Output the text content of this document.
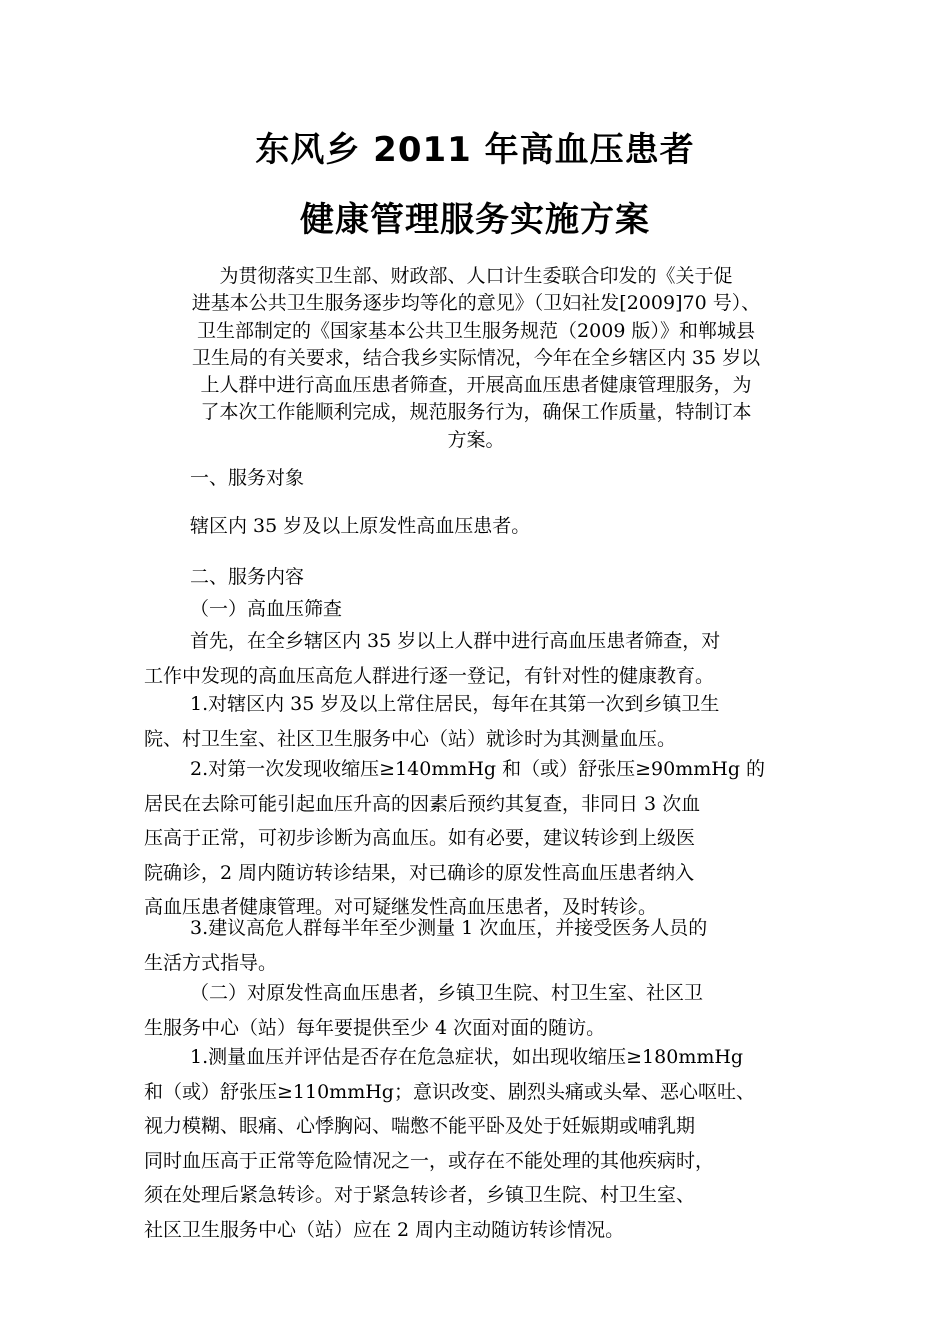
东风乡 2011 年高血压患者
健康管理服务实施方案
为贯彻落实卫生部、财政部、人口计生委联合印发的《关于促
进基本公共卫生服务逐步均等化的意见》（卫妇社发[2009]70 号）、
卫生部制定的《国家基本公共卫生服务规范（2009 版）》和郸城县
卫生局的有关要求，结合我乡实际情况，今年在全乡辖区内 35 岁以
上人群中进行高血压患者筛查，开展高血压患者健康管理服务，为
了本次工作能顺利完成，规范服务行为，确保工作质量，特制订本
方案。
一、服务对象
辖区内 35 岁及以上原发性高血压患者。
二、服务内容
（一）高血压筛查
首先，在全乡辖区内 35 岁以上人群中进行高血压患者筛查，对
工作中发现的高血压高危人群进行逐一登记，有针对性的健康教育。
1.对辖区内 35 岁及以上常住居民，每年在其第一次到乡镇卫生
院、村卫生室、社区卫生服务中心（站）就诊时为其测量血压。
2.对第一次发现收缩压≥140mmHg 和（或）舒张压≥90mmHg 的
居民在去除可能引起血压升高的因素后预约其复查，非同日 3 次血
压高于正常，可初步诊断为高血压。如有必要，建议转诊到上级医
院确诊，2 周内随访转诊结果，对已确诊的原发性高血压患者纳入
高血压患者健康管理。对可疑继发性高血压患者，及时转诊。
3.建议高危人群每半年至少测量 1 次血压，并接受医务人员的
生活方式指导。
（二）对原发性高血压患者，乡镇卫生院、村卫生室、社区卫
生服务中心（站）每年要提供至少 4 次面对面的随访。
1.测量血压并评估是否存在危急症状，如出现收缩压≥180mmHg
和（或）舒张压≥110mmHg；意识改变、剧烈头痛或头晕、恶心呕吐、
视力模糊、眼痛、心悸胸闷、喘憋不能平卧及处于妊娠期或哺乳期
同时血压高于正常等危险情况之一，或存在不能处理的其他疾病时，
须在处理后紧急转诊。对于紧急转诊者，乡镇卫生院、村卫生室、
社区卫生服务中心（站）应在 2 周内主动随访转诊情况。
